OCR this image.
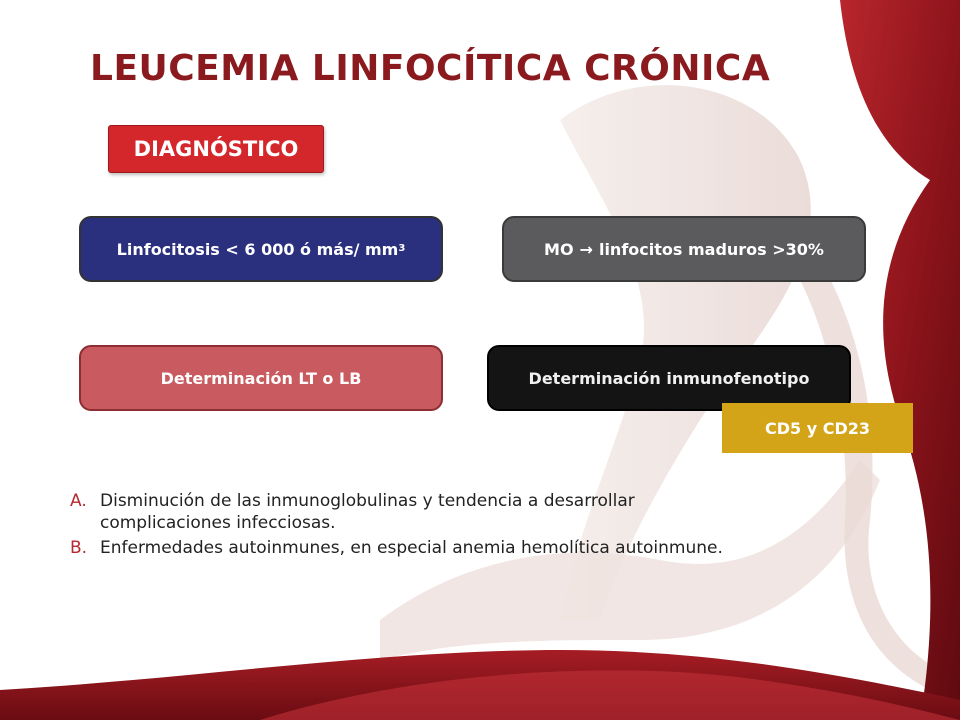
LEUCEMIA LINFOCÍTICA CRÓNICA
DIAGNÓSTICO
Linfocitosis < 6 000 ó más/ mm 3	MO → linfocitos maduros >30%
Determinación LT o LB	Determinación inmunofenotipo
CD5 y CD23
A. Disminución de las inmunoglobulinas y tendencia a desarrollar complicaciones infecciosas.
B. Enfermedades autoinmunes, en especial anemia hemolítica autoinmune.
